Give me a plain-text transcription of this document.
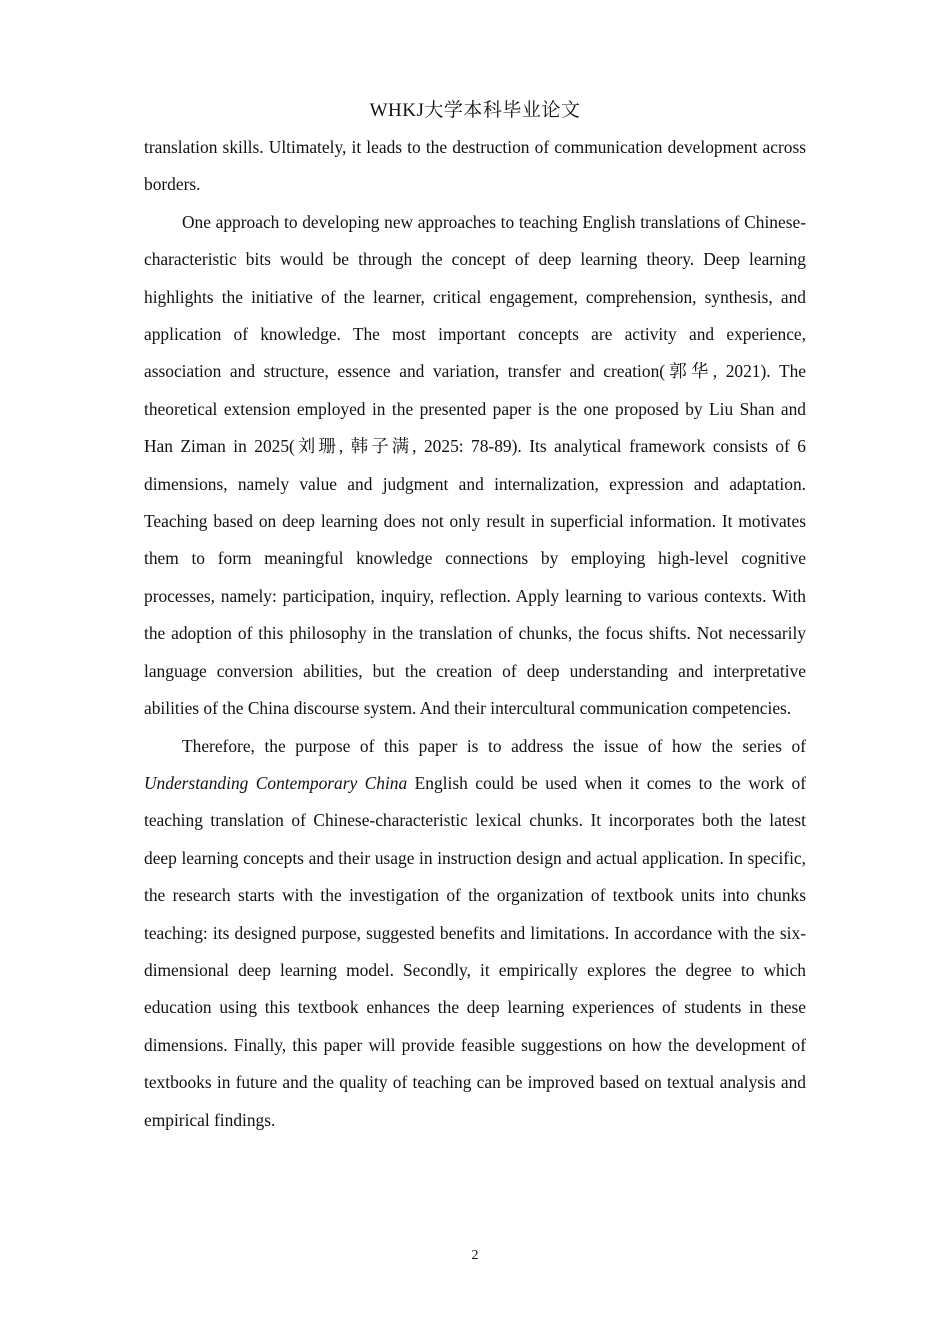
WHKJ大学本科毕业论文

translation skills. Ultimately, it leads to the destruction of communication development across borders.

One approach to developing new approaches to teaching English translations of Chinese-characteristic bits would be through the concept of deep learning theory. Deep learning highlights the initiative of the learner, critical engagement, comprehension, synthesis, and application of knowledge. The most important concepts are activity and experience, association and structure, essence and variation, transfer and creation(郭华, 2021). The theoretical extension employed in the presented paper is the one proposed by Liu Shan and Han Ziman in 2025(刘珊, 韩子满, 2025: 78-89). Its analytical framework consists of 6 dimensions, namely value and judgment and internalization, expression and adaptation. Teaching based on deep learning does not only result in superficial information. It motivates them to form meaningful knowledge connections by employing high-level cognitive processes, namely: participation, inquiry, reflection. Apply learning to various contexts. With the adoption of this philosophy in the translation of chunks, the focus shifts. Not necessarily language conversion abilities, but the creation of deep understanding and interpretative abilities of the China discourse system. And their intercultural communication competencies.

Therefore, the purpose of this paper is to address the issue of how the series of Understanding Contemporary China English could be used when it comes to the work of teaching translation of Chinese-characteristic lexical chunks. It incorporates both the latest deep learning concepts and their usage in instruction design and actual application. In specific, the research starts with the investigation of the organization of textbook units into chunks teaching: its designed purpose, suggested benefits and limitations. In accordance with the six-dimensional deep learning model. Secondly, it empirically explores the degree to which education using this textbook enhances the deep learning experiences of students in these dimensions. Finally, this paper will provide feasible suggestions on how the development of textbooks in future and the quality of teaching can be improved based on textual analysis and empirical findings.

2
